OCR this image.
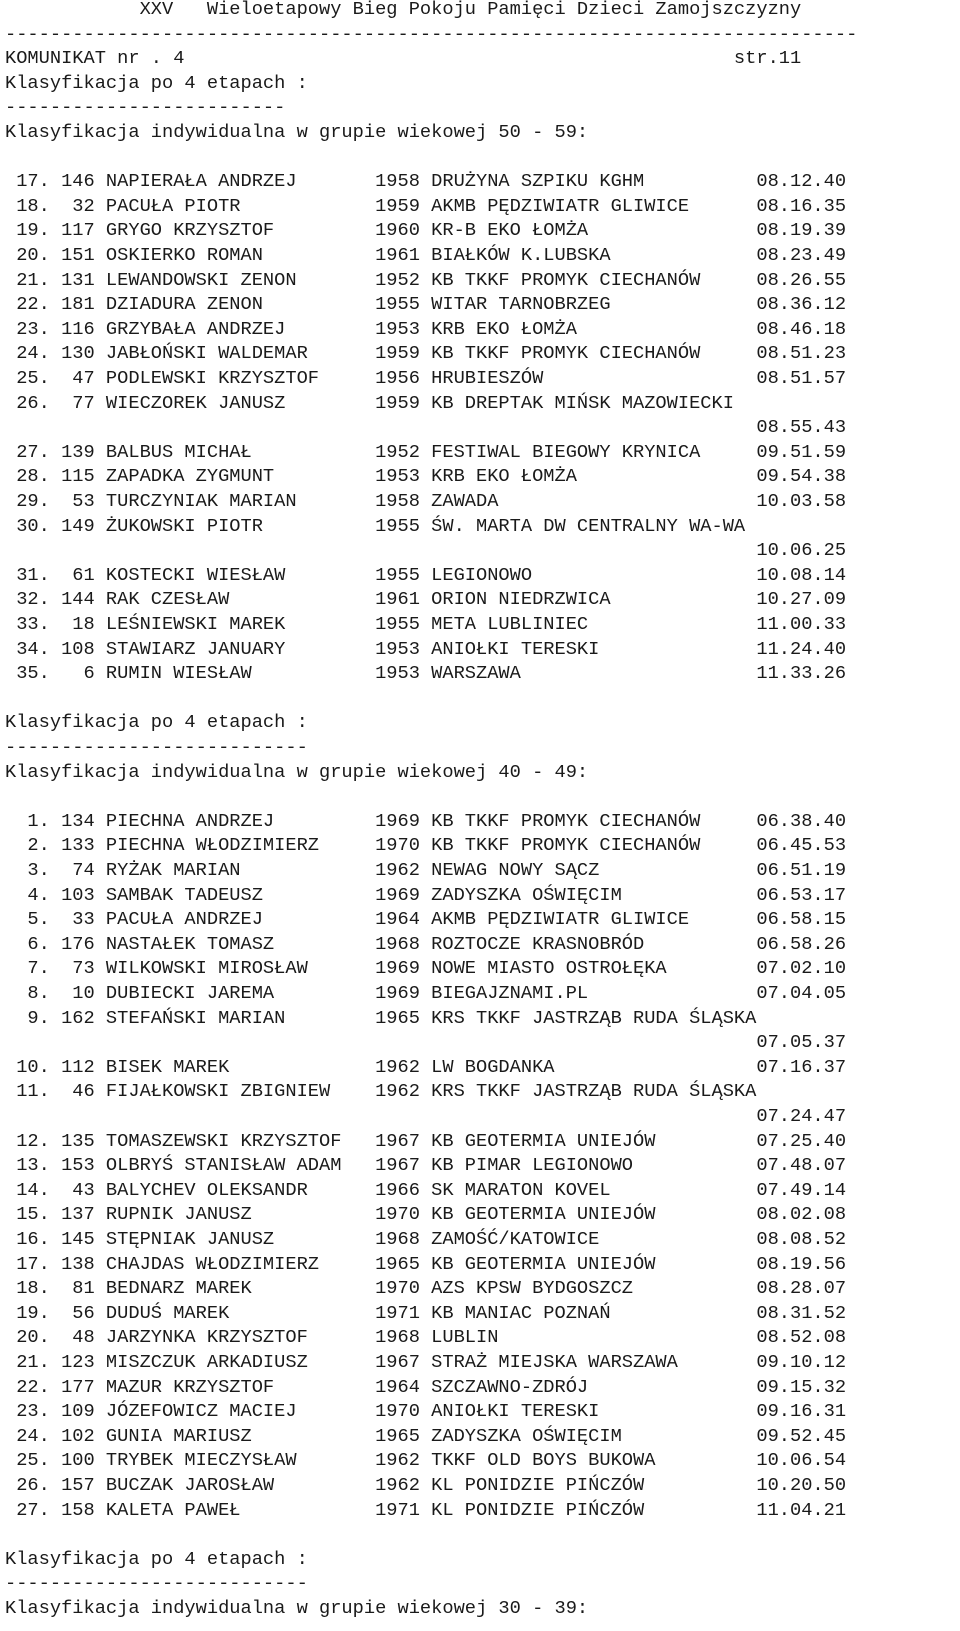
XXV   Wieloetapowy Bieg Pokoju Pamięci Dzieci Zamojszczyzny
----------------------------------------------------------------------------
KOMUNIKAT nr . 4                                                 str.11
Klasyfikacja po 4 etapach :
-------------------------
Klasyfikacja indywidualna w grupie wiekowej 50 - 59:
17. 146 NAPIERAŁA ANDRZEJ       1958 DRUŻYNA SZPIKU KGHM          08.12.40
18.  32 PACUŁA PIOTR            1959 AKMB PĘDZIWIATR GLIWICE      08.16.35
19. 117 GRYGO KRZYSZTOF         1960 KR-B EKO ŁOMŻA               08.19.39
20. 151 OSKIERKO ROMAN          1961 BIAŁKÓW K.LUBSKA             08.23.49
21. 131 LEWANDOWSKI ZENON       1952 KB TKKF PROMYK CIECHANÓW     08.26.55
22. 181 DZIADURA ZENON          1955 WITAR TARNOBRZEG             08.36.12
23. 116 GRZYBAŁA ANDRZEJ        1953 KRB EKO ŁOMŻA                08.46.18
24. 130 JABŁOŃSKI WALDEMAR      1959 KB TKKF PROMYK CIECHANÓW     08.51.23
25.  47 PODLEWSKI KRZYSZTOF     1956 HRUBIESZÓW                   08.51.57
26.  77 WIECZOREK JANUSZ        1959 KB DREPTAK MIŃSK MAZOWIECKI
08.55.43
27. 139 BALBUS MICHAŁ           1952 FESTIWAL BIEGOWY KRYNICA     09.51.59
28. 115 ZAPADKA ZYGMUNT         1953 KRB EKO ŁOMŻA                09.54.38
29.  53 TURCZYNIAK MARIAN       1958 ZAWADA                       10.03.58
30. 149 ŻUKOWSKI PIOTR          1955 ŚW. MARTA DW CENTRALNY WA-WA
10.06.25
31.  61 KOSTECKI WIESŁAW        1955 LEGIONOWO                    10.08.14
32. 144 RAK CZESŁAW             1961 ORION NIEDRZWICA             10.27.09
33.  18 LEŚNIEWSKI MAREK        1955 META LUBLINIEC               11.00.33
34. 108 STAWIARZ JANUARY        1953 ANIOŁKI TERESKI              11.24.40
35.   6 RUMIN WIESŁAW           1953 WARSZAWA                     11.33.26
Klasyfikacja po 4 etapach :
---------------------------
Klasyfikacja indywidualna w grupie wiekowej 40 - 49:
1. 134 PIECHNA ANDRZEJ         1969 KB TKKF PROMYK CIECHANÓW     06.38.40
2. 133 PIECHNA WŁODZIMIERZ     1970 KB TKKF PROMYK CIECHANÓW     06.45.53
3.  74 RYŻAK MARIAN            1962 NEWAG NOWY SĄCZ              06.51.19
4. 103 SAMBAK TADEUSZ          1969 ZADYSZKA OŚWIĘCIM            06.53.17
5.  33 PACUŁA ANDRZEJ          1964 AKMB PĘDZIWIATR GLIWICE      06.58.15
6. 176 NASTAŁEK TOMASZ         1968 ROZTOCZE KRASNOBRÓD          06.58.26
7.  73 WILKOWSKI MIROSŁAW      1969 NOWE MIASTO OSTROŁĘKA        07.02.10
8.  10 DUBIECKI JAREMA         1969 BIEGAJZNAMI.PL               07.04.05
9. 162 STEFAŃSKI MARIAN        1965 KRS TKKF JASTRZĄB RUDA ŚLĄSKA
07.05.37
10. 112 BISEK MAREK             1962 LW BOGDANKA                  07.16.37
11.  46 FIJAŁKOWSKI ZBIGNIEW    1962 KRS TKKF JASTRZĄB RUDA ŚLĄSKA
07.24.47
12. 135 TOMASZEWSKI KRZYSZTOF   1967 KB GEOTERMIA UNIEJÓW         07.25.40
13. 153 OLBRYŚ STANISŁAW ADAM   1967 KB PIMAR LEGIONOWO           07.48.07
14.  43 BALYCHEV OLEKSANDR      1966 SK MARATON KOVEL             07.49.14
15. 137 RUPNIK JANUSZ           1970 KB GEOTERMIA UNIEJÓW         08.02.08
16. 145 STĘPNIAK JANUSZ         1968 ZAMOŚĆ/KATOWICE              08.08.52
17. 138 CHAJDAS WŁODZIMIERZ     1965 KB GEOTERMIA UNIEJÓW         08.19.56
18.  81 BEDNARZ MAREK           1970 AZS KPSW BYDGOSZCZ           08.28.07
19.  56 DUDUŚ MAREK             1971 KB MANIAC POZNAŃ             08.31.52
20.  48 JARZYNKA KRZYSZTOF      1968 LUBLIN                       08.52.08
21. 123 MISZCZUK ARKADIUSZ      1967 STRAŻ MIEJSKA WARSZAWA       09.10.12
22. 177 MAZUR KRZYSZTOF         1964 SZCZAWNO-ZDRÓJ               09.15.32
23. 109 JÓZEFOWICZ MACIEJ       1970 ANIOŁKI TERESKI              09.16.31
24. 102 GUNIA MARIUSZ           1965 ZADYSZKA OŚWIĘCIM            09.52.45
25. 100 TRYBEK MIECZYSŁAW       1962 TKKF OLD BOYS BUKOWA         10.06.54
26. 157 BUCZAK JAROSŁAW         1962 KL PONIDZIE PIŃCZÓW          10.20.50
27. 158 KALETA PAWEŁ            1971 KL PONIDZIE PIŃCZÓW          11.04.21
Klasyfikacja po 4 etapach :
---------------------------
Klasyfikacja indywidualna w grupie wiekowej 30 - 39:
